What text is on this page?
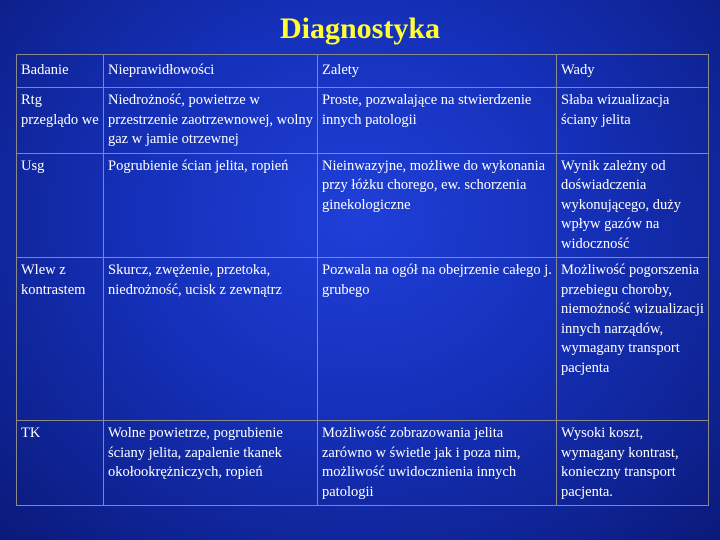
Diagnostyka
Badanie	Nieprawidłowości	Zalety	Wady
Rtg przeglądo we	Niedrożność, powietrze w przestrzenie zaotrzewnowej, wolny gaz w jamie otrzewnej	Proste, pozwalające na stwierdzenie innych patologii	Słaba wizualizacja ściany jelita
Usg	Pogrubienie ścian jelita, ropień	Nieinwazyjne, możliwe do wykonania przy łóżku chorego, ew. schorzenia ginekologiczne	Wynik zależny od doświadczenia wykonującego, duży wpływ gazów na widoczność
Wlew z kontrastem	Skurcz, zwężenie, przetoka, niedrożność, ucisk z zewnątrz	Pozwala na ogół na obejrzenie całego j. grubego	Możliwość pogorszenia przebiegu choroby, niemożność wizualizacji innych narządów, wymagany transport pacjenta
TK	Wolne powietrze, pogrubienie ściany jelita, zapalenie tkanek okołookrężniczych, ropień	Możliwość zobrazowania jelita zarówno w świetle jak i poza nim, możliwość uwidocznienia innych patologii	Wysoki koszt, wymagany kontrast, konieczny transport pacjenta.
